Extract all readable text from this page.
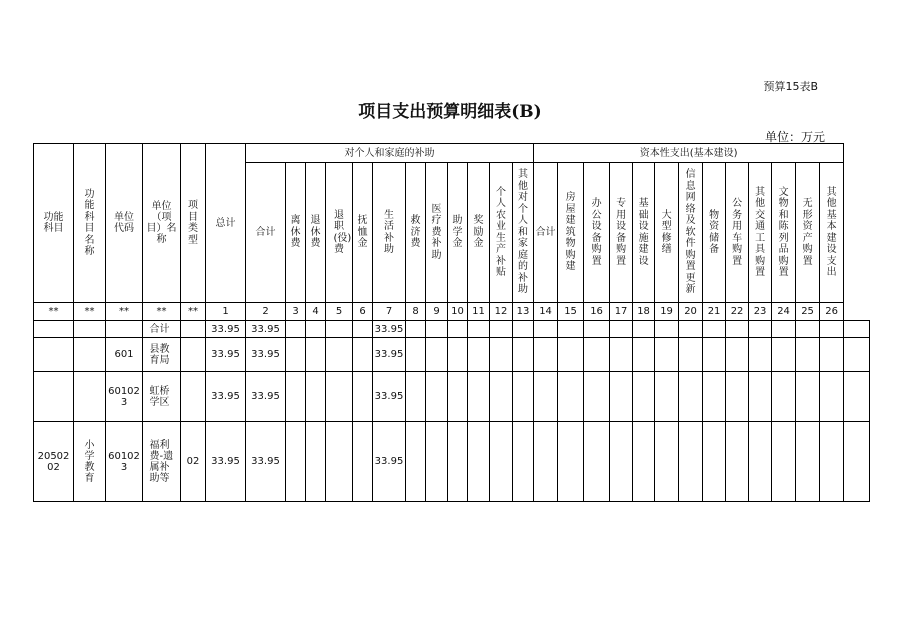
预算15表B
项目支出预算明细表(B)
单位：万元
功能科目	功能科目名称	单位代码	单位（项目）名称	项目类型	总计	对个人和家庭的补助												资本性支出(基本建设)													
						合计	离休费	退休费	退职(役)费	抚恤金	生活补助	救济费	医疗费补助	助学金	奖励金	个人农业生产补贴	其他对个人和家庭的补助	合计	房屋建筑物购建	办公设备购置	专用设备购置	基础设施建设	大型修缮	信息网络及软件购置更新	物资储备	公务用车购置	其他交通工具购置	文物和陈列品购置	无形资产购置	其他基本建设支出	

**	**	**	**	**	1	2	3	4	5	6	7	8	9	10	11	12	13	14	15	16	17	18	19	20	21	22	23	24	25	26	

			合计		33.95	33.95					33.95																				

		601	县教育局		33.95	33.95					33.95																				

		601023	虹桥学区		33.95	33.95					33.95																				

2050202	小学教育	601023	福利费-遗属补助等	02	33.95	33.95					33.95																				
